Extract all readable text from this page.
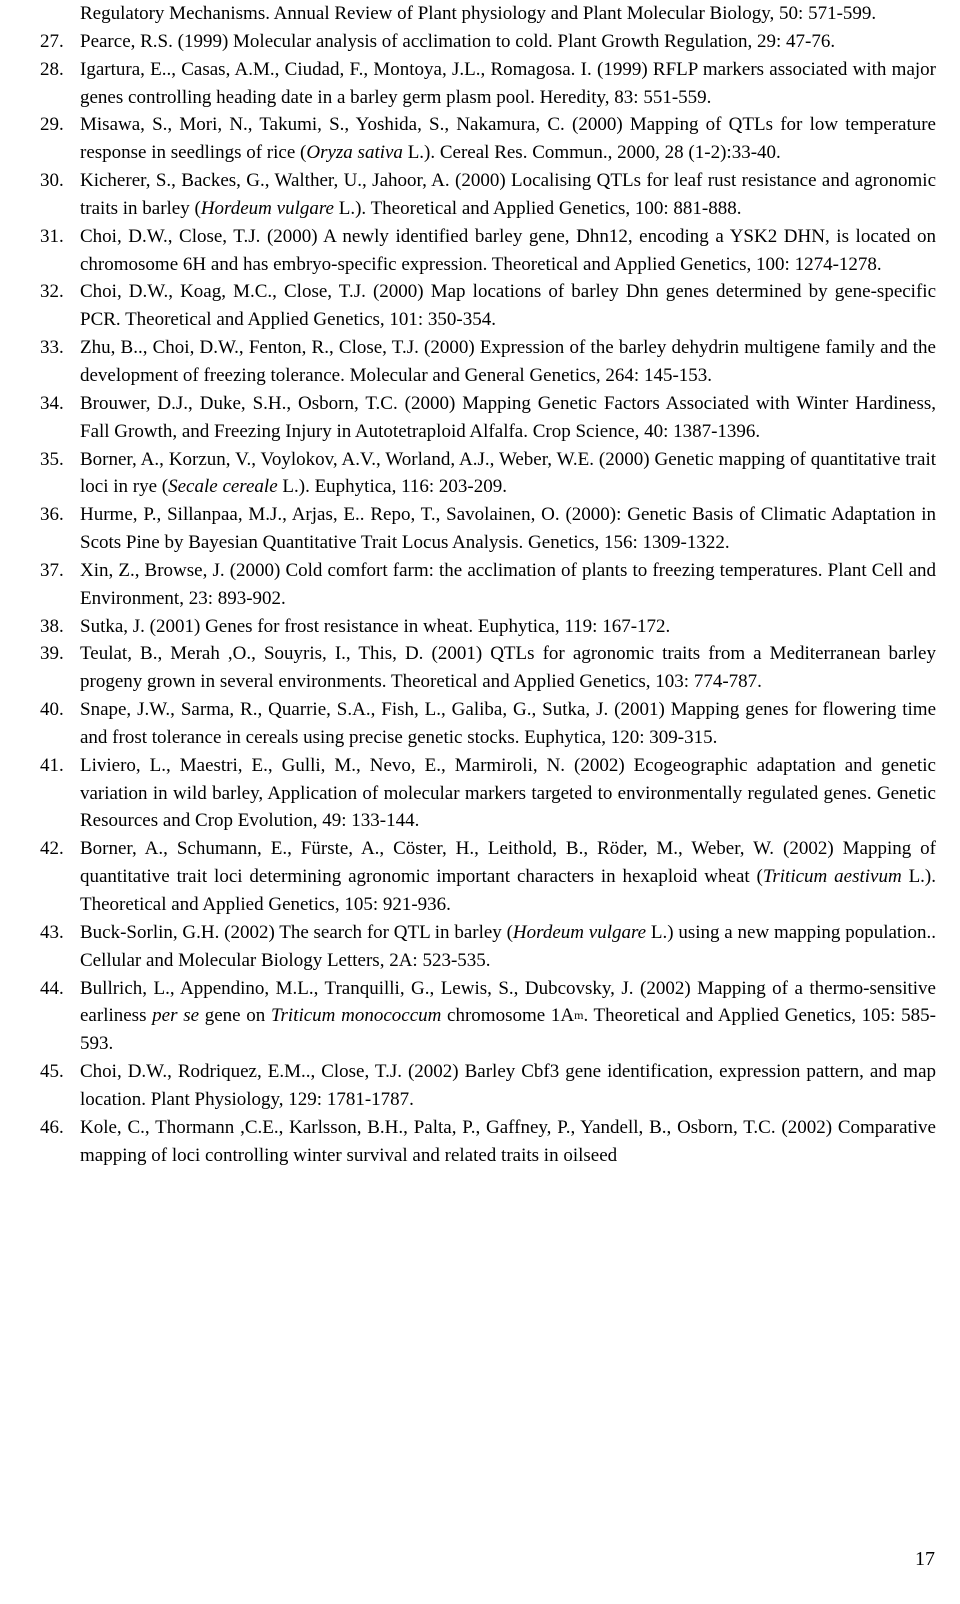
Regulatory Mechanisms. Annual Review of Plant physiology and Plant Molecular Biology, 50: 571-599.
27. Pearce, R.S. (1999) Molecular analysis of acclimation to cold. Plant Growth Regulation, 29: 47-76.
28. Igartura, E.., Casas, A.M., Ciudad, F., Montoya, J.L., Romagosa. I. (1999) RFLP markers associated with major genes controlling heading date in a barley germ plasm pool. Heredity, 83: 551-559.
29. Misawa, S., Mori, N., Takumi, S., Yoshida, S., Nakamura, C. (2000) Mapping of QTLs for low temperature response in seedlings of rice (Oryza sativa L.). Cereal Res. Commun., 2000, 28 (1-2):33-40.
30. Kicherer, S., Backes, G., Walther, U., Jahoor, A. (2000) Localising QTLs for leaf rust resistance and agronomic traits in barley (Hordeum vulgare L.). Theoretical and Applied Genetics, 100: 881-888.
31. Choi, D.W., Close, T.J. (2000) A newly identified barley gene, Dhn12, encoding a YSK2 DHN, is located on chromosome 6H and has embryo-specific expression. Theoretical and Applied Genetics, 100: 1274-1278.
32. Choi, D.W., Koag, M.C., Close, T.J. (2000) Map locations of barley Dhn genes determined by gene-specific PCR. Theoretical and Applied Genetics, 101: 350-354.
33. Zhu, B.., Choi, D.W., Fenton, R., Close, T.J. (2000) Expression of the barley dehydrin multigene family and the development of freezing tolerance. Molecular and General Genetics, 264: 145-153.
34. Brouwer, D.J., Duke, S.H., Osborn, T.C. (2000) Mapping Genetic Factors Associated with Winter Hardiness, Fall Growth, and Freezing Injury in Autotetraploid Alfalfa. Crop Science, 40: 1387-1396.
35. Borner, A., Korzun, V., Voylokov, A.V., Worland, A.J., Weber, W.E. (2000) Genetic mapping of quantitative trait loci in rye (Secale cereale L.). Euphytica, 116: 203-209.
36. Hurme, P., Sillanpaa, M.J., Arjas, E.. Repo, T., Savolainen, O. (2000): Genetic Basis of Climatic Adaptation in Scots Pine by Bayesian Quantitative Trait Locus Analysis. Genetics, 156: 1309-1322.
37. Xin, Z., Browse, J. (2000) Cold comfort farm: the acclimation of plants to freezing temperatures. Plant Cell and Environment, 23: 893-902.
38. Sutka, J. (2001) Genes for frost resistance in wheat. Euphytica, 119: 167-172.
39. Teulat, B., Merah ,O., Souyris, I., This, D. (2001) QTLs for agronomic traits from a Mediterranean barley progeny grown in several environments. Theoretical and Applied Genetics, 103: 774-787.
40. Snape, J.W., Sarma, R., Quarrie, S.A., Fish, L., Galiba, G., Sutka, J. (2001) Mapping genes for flowering time and frost tolerance in cereals using precise genetic stocks. Euphytica, 120: 309-315.
41. Liviero, L., Maestri, E., Gulli, M., Nevo, E., Marmiroli, N. (2002) Ecogeographic adaptation and genetic variation in wild barley, Application of molecular markers targeted to environmentally regulated genes. Genetic Resources and Crop Evolution, 49: 133-144.
42. Borner, A., Schumann, E., Fürste, A., Cöster, H., Leithold, B., Röder, M., Weber, W. (2002) Mapping of quantitative trait loci determining agronomic important characters in hexaploid wheat (Triticum aestivum L.). Theoretical and Applied Genetics, 105: 921-936.
43. Buck-Sorlin, G.H. (2002) The search for QTL in barley (Hordeum vulgare L.) using a new mapping population.. Cellular and Molecular Biology Letters, 2A: 523-535.
44. Bullrich, L., Appendino, M.L., Tranquilli, G., Lewis, S., Dubcovsky, J. (2002) Mapping of a thermo-sensitive earliness per se gene on Triticum monococcum chromosome $1A^m$. Theoretical and Applied Genetics, 105: 585-593.
45. Choi, D.W., Rodriquez, E.M.., Close, T.J. (2002) Barley Cbf3 gene identification, expression pattern, and map location. Plant Physiology, 129: 1781-1787.
46. Kole, C., Thormann ,C.E., Karlsson, B.H., Palta, P., Gaffney, P., Yandell, B., Osborn, T.C. (2002) Comparative mapping of loci controlling winter survival and related traits in oilseed
17
